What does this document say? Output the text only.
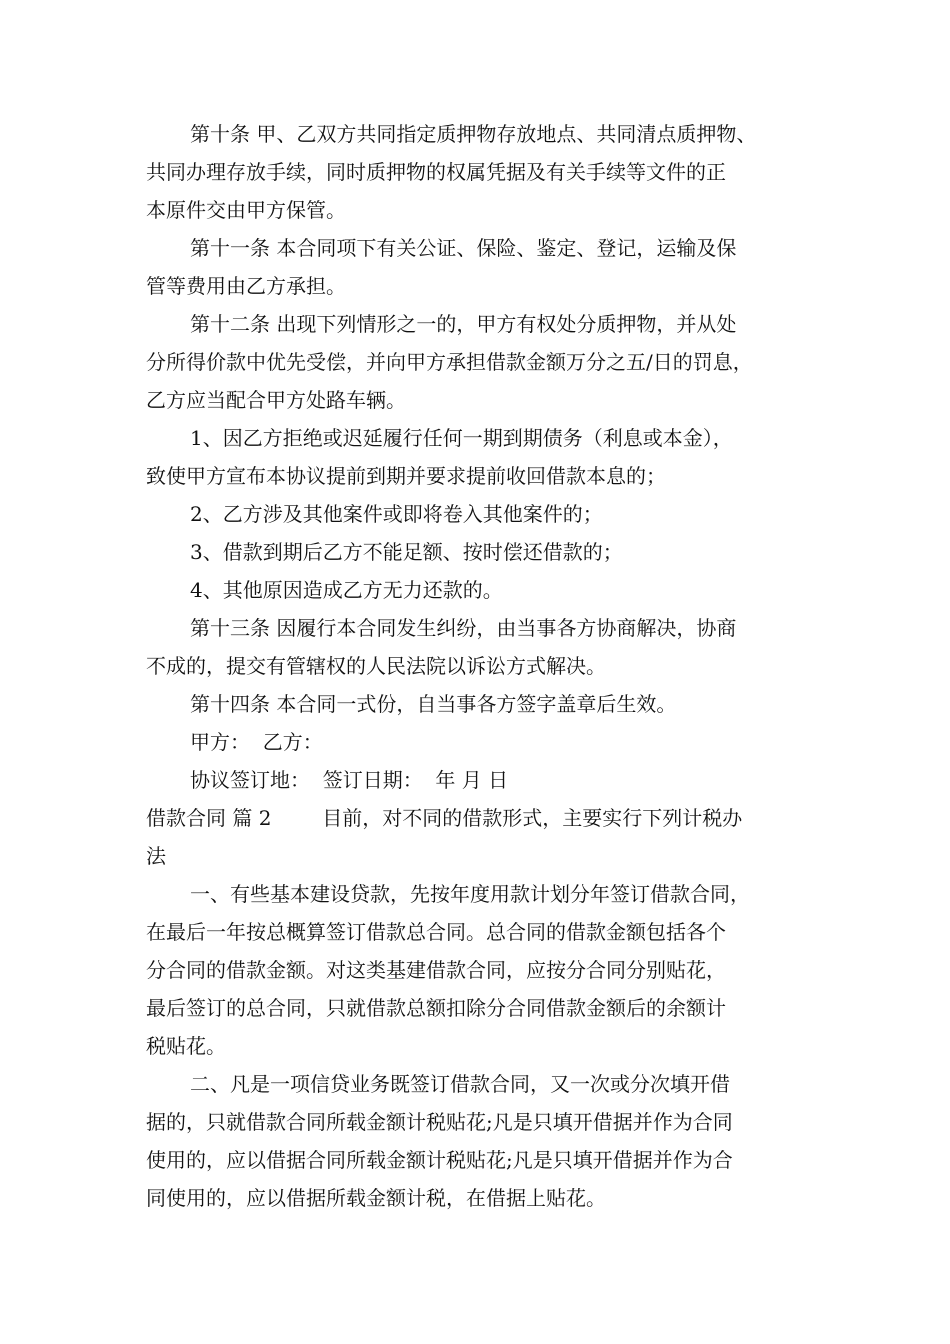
第十条 甲、乙双方共同指定质押物存放地点、共同清点质押物、
共同办理存放手续，同时质押物的权属凭据及有关手续等文件的正
本原件交由甲方保管。
第十一条 本合同项下有关公证、保险、鉴定、登记，运输及保
管等费用由乙方承担。
第十二条 出现下列情形之一的，甲方有权处分质押物，并从处
分所得价款中优先受偿，并向甲方承担借款金额万分之五/日的罚息，
乙方应当配合甲方处路车辆。
1、因乙方拒绝或迟延履行任何一期到期债务（利息或本金），
致使甲方宣布本协议提前到期并要求提前收回借款本息的；
2、乙方涉及其他案件或即将卷入其他案件的；
3、借款到期后乙方不能足额、按时偿还借款的；
4、其他原因造成乙方无力还款的。
第十三条 因履行本合同发生纠纷，由当事各方协商解决，协商
不成的，提交有管辖权的人民法院以诉讼方式解决。
第十四条 本合同一式份，自当事各方签字盖章后生效。
甲方：  乙方：
协议签订地：  签订日期：  年 月 日
借款合同 篇 2        目前，对不同的借款形式，主要实行下列计税办
法
一、有些基本建设贷款，先按年度用款计划分年签订借款合同，
在最后一年按总概算签订借款总合同。总合同的借款金额包括各个
分合同的借款金额。对这类基建借款合同，应按分合同分别贴花，
最后签订的总合同，只就借款总额扣除分合同借款金额后的余额计
税贴花。
二、凡是一项信贷业务既签订借款合同，又一次或分次填开借
据的，只就借款合同所载金额计税贴花;凡是只填开借据并作为合同
使用的，应以借据合同所载金额计税贴花;凡是只填开借据并作为合
同使用的，应以借据所载金额计税，在借据上贴花。
